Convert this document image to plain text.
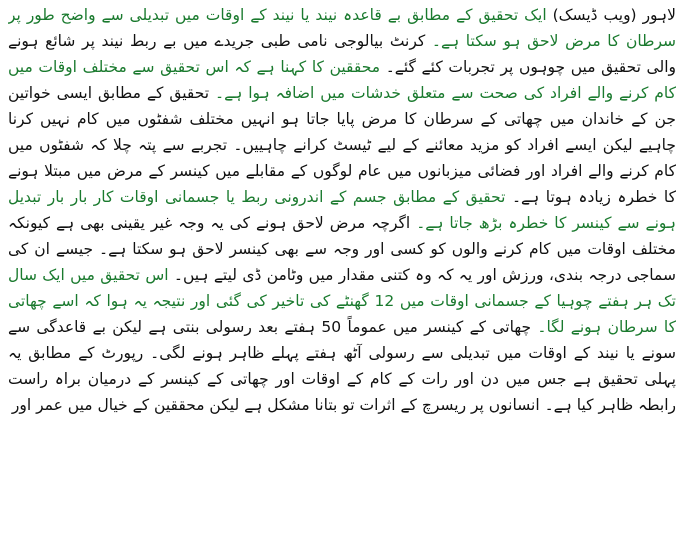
لاہور (ویب ڈیسک) ایک تحقیق کے مطابق بے قاعدہ نیند یا نیند کے اوقات میں تبدیلی سے واضح طور پر سرطان کا مرض لاحق ہو سکتا ہے۔ کرنٹ بیالوجی نامی طبی جریدے میں بے ربط نیند پر شائع ہونے والی تحقیق میں چوہوں پر تجربات کئے گئے۔ محققین کا کہنا ہے کہ اس تحقیق سے مختلف اوقات میں کام کرنے والے افراد کی صحت سے متعلق خدشات میں اضافہ ہوا ہے۔ تحقیق کے مطابق ایسی خواتین جن کے خاندان میں چھاتی کے سرطان کا مرض پایا جاتا ہو انہیں مختلف شفٹوں میں کام نہیں کرنا چاہیے لیکن ایسے افراد کو مزید معائنے کے لیے ٹیسٹ کرانے چاہییں۔ تجربے سے پتہ چلا کہ شفٹوں میں کام کرنے والے افراد اور فضائی میزبانوں میں عام لوگوں کے مقابلے میں کینسر کے مرض میں مبتلا ہونے کا خطرہ زیادہ ہوتا ہے۔ تحقیق کے مطابق جسم کے اندرونی ربط یا جسمانی اوقات کار بار بار تبدیل ہونے سے کینسر کا خطرہ بڑھ جاتا ہے۔ اگرچہ مرض لاحق ہونے کی یہ وجہ غیر یقینی بھی ہے کیونکہ مختلف اوقات میں کام کرنے والوں کو کسی اور وجہ سے بھی کینسر لاحق ہو سکتا ہے۔ جیسے ان کی سماجی درجہ بندی، ورزش اور یہ کہ وہ کتنی مقدار میں وٹامن ڈی لیتے ہیں۔ اس تحقیق میں ایک سال تک ہر ہفتے چوہیا کے جسمانی اوقات میں 12 گھنٹے کی تاخیر کی گئی اور نتیجہ یہ ہوا کہ اسے چھاتی کا سرطان ہونے لگا۔ چھاتی کے کینسر میں عموماً 50 ہفتے بعد رسولی بنتی ہے لیکن بے قاعدگی سے سونے یا نیند کے اوقات میں تبدیلی سے رسولی آٹھ ہفتے پہلے ظاہر ہونے لگی۔ رپورٹ کے مطابق یہ پہلی تحقیق ہے جس میں دن اور رات کے کام کے اوقات اور چھاتی کے کینسر کے درمیان براہ راست رابطہ ظاہر کیا ہے۔ انسانوں پر ریسرچ کے اثرات تو بتانا مشکل ہے لیکن محققین کے خیال میں عمر اور
